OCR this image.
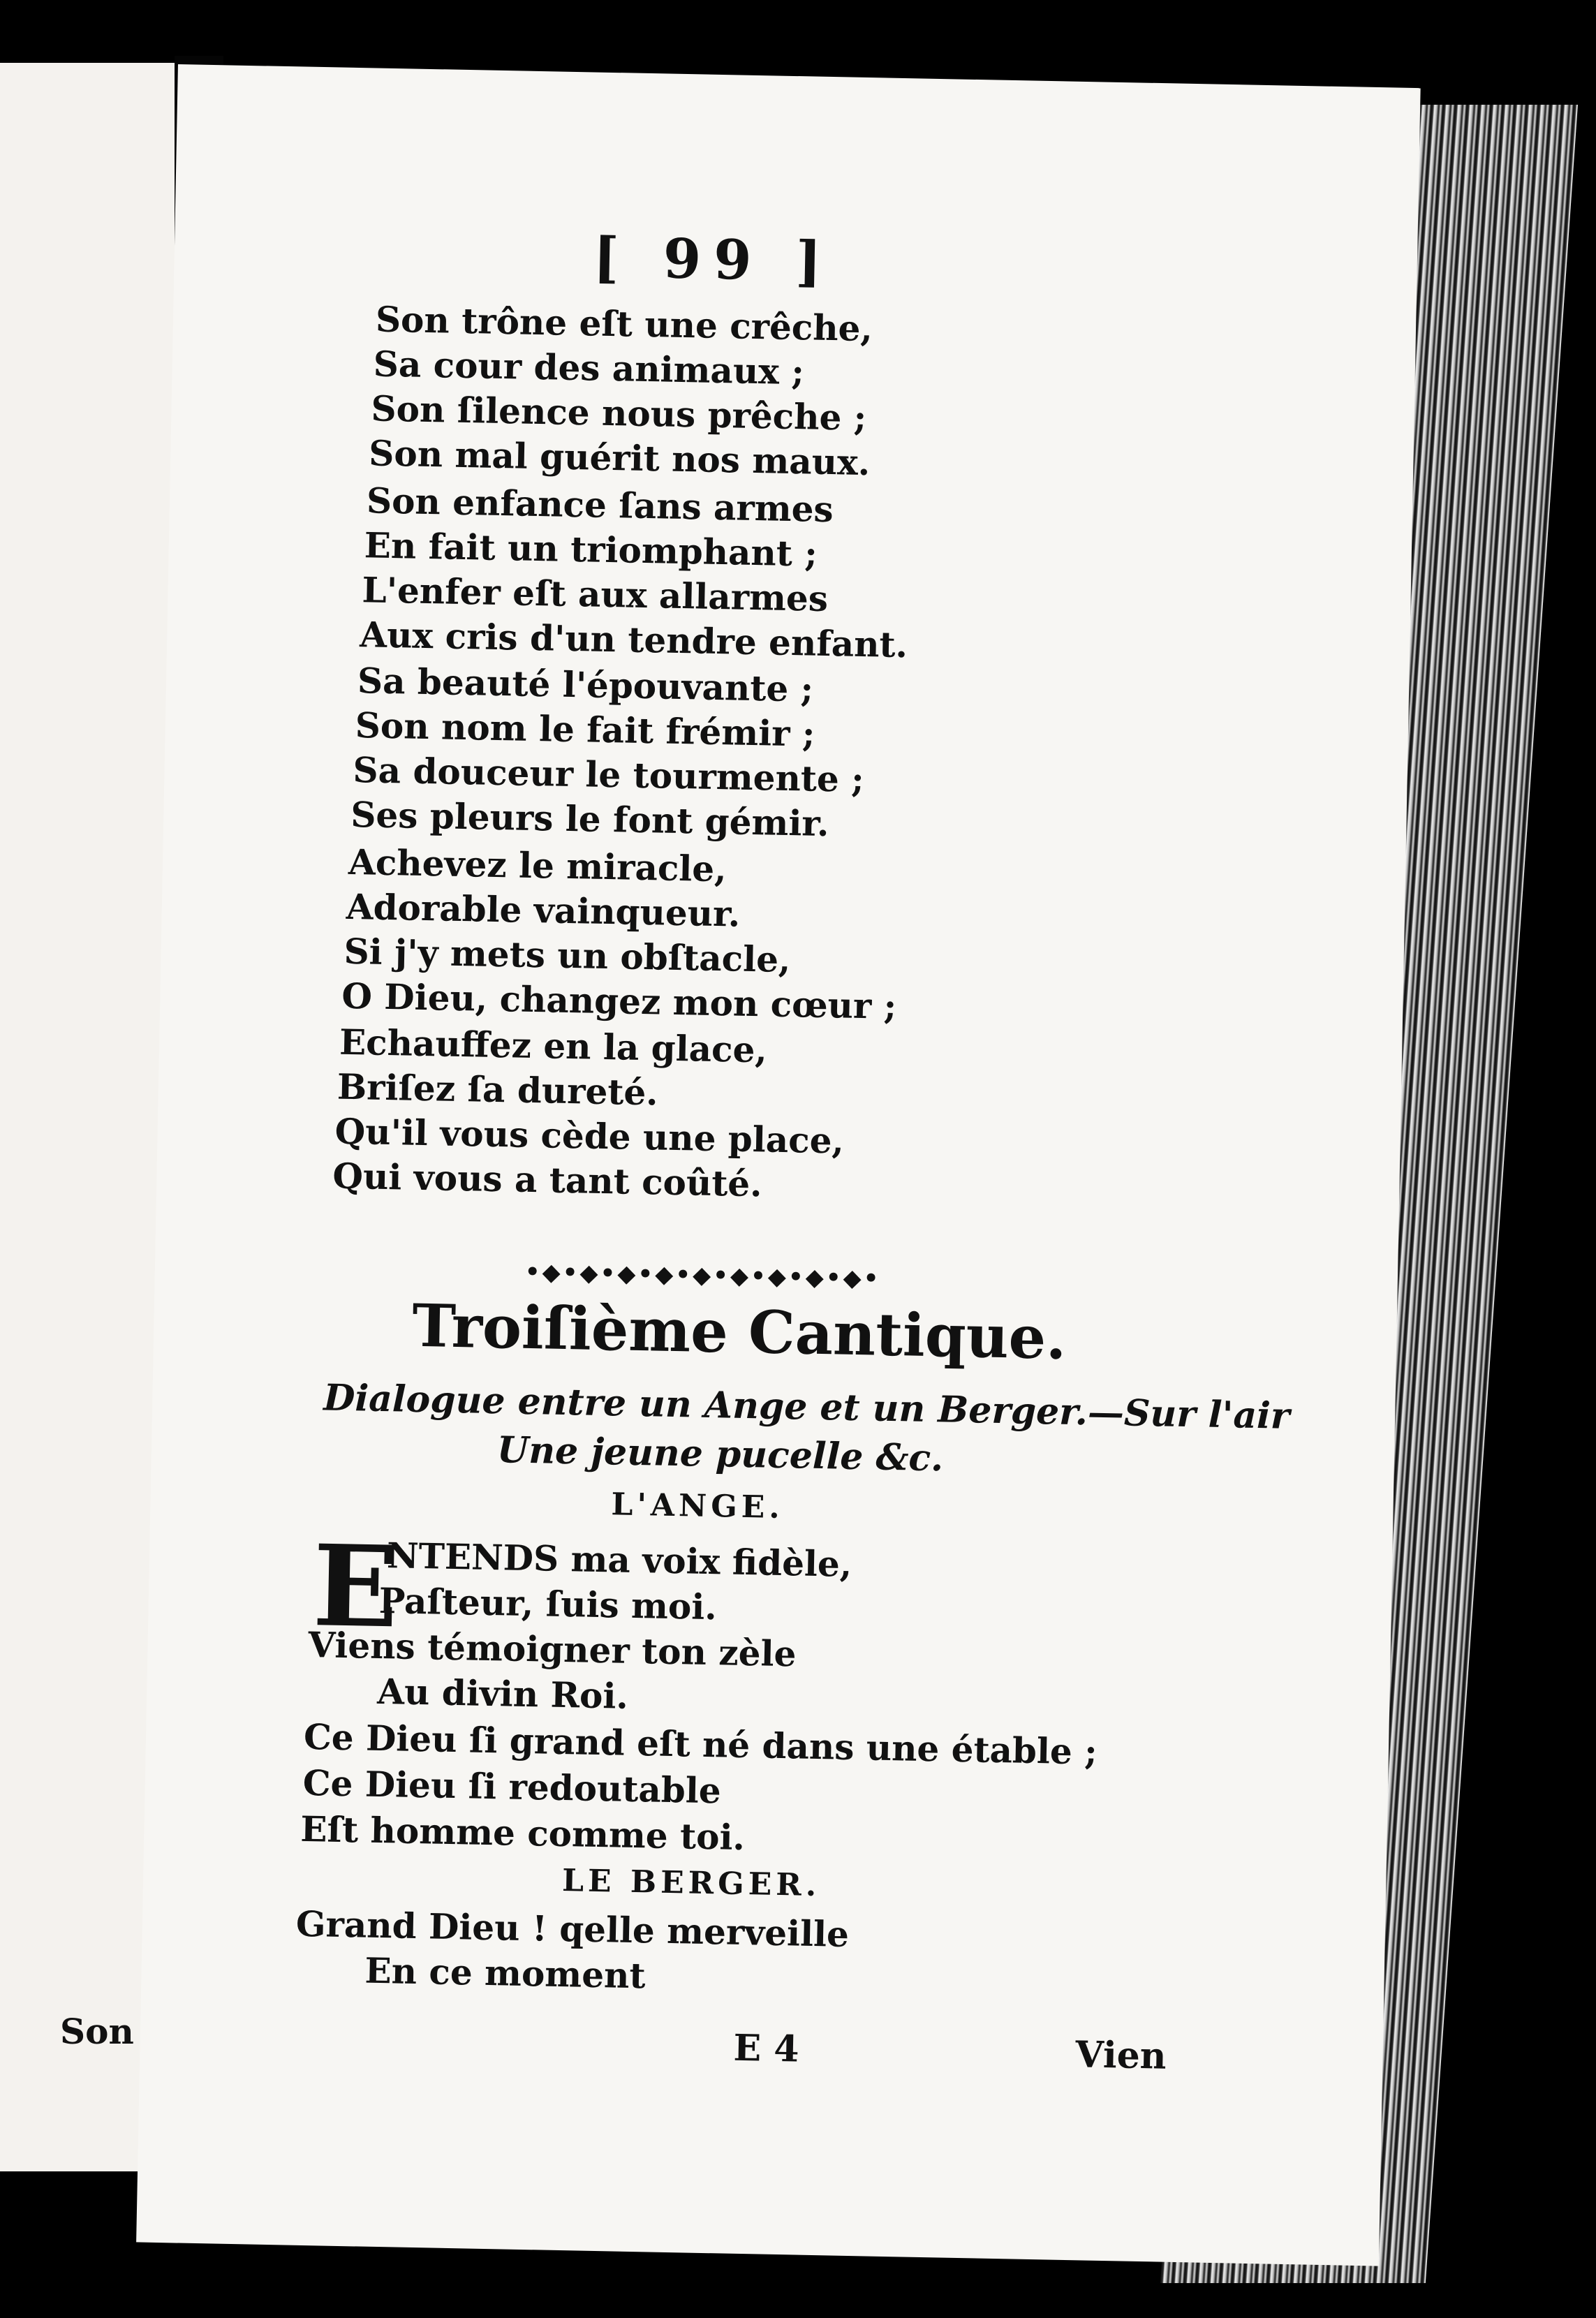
Son
[ 99 ]
Son trône eſt une crêche,
Sa cour des animaux ;
Son ſilence nous prêche ;
Son mal guérit nos maux.
Son enfance ſans armes
En fait un triomphant ;
L'enfer eſt aux allarmes
Aux cris d'un tendre enfant.
Sa beauté l'épouvante ;
Son nom le fait frémir ;
Sa douceur le tourmente ;
Ses pleurs le font gémir.
Achevez le miracle,
Adorable vainqueur.
Si j'y mets un obſtacle,
O Dieu, changez mon cœur ;
Echauffez en la glace,
Briſez ſa dureté.
Qu'il vous cède une place,
Qui vous a tant coûté.
•◆•◆•◆•◆•◆•◆•◆•◆•◆•
Troiſième Cantique.
Dialogue entre un Ange et un Berger.—Sur l'air
Une jeune pucelle &c.
L'ANGE.
E
NTENDS ma voix fidèle,
Paſteur, ſuis moi.
Viens témoigner ton zèle
Au divin Roi.
Ce Dieu ſi grand eſt né dans une étable ;
Ce Dieu ſi redoutable
Eſt homme comme toi.
LE BERGER.
Grand Dieu ! qelle merveille
En ce moment
E 4	Vien
